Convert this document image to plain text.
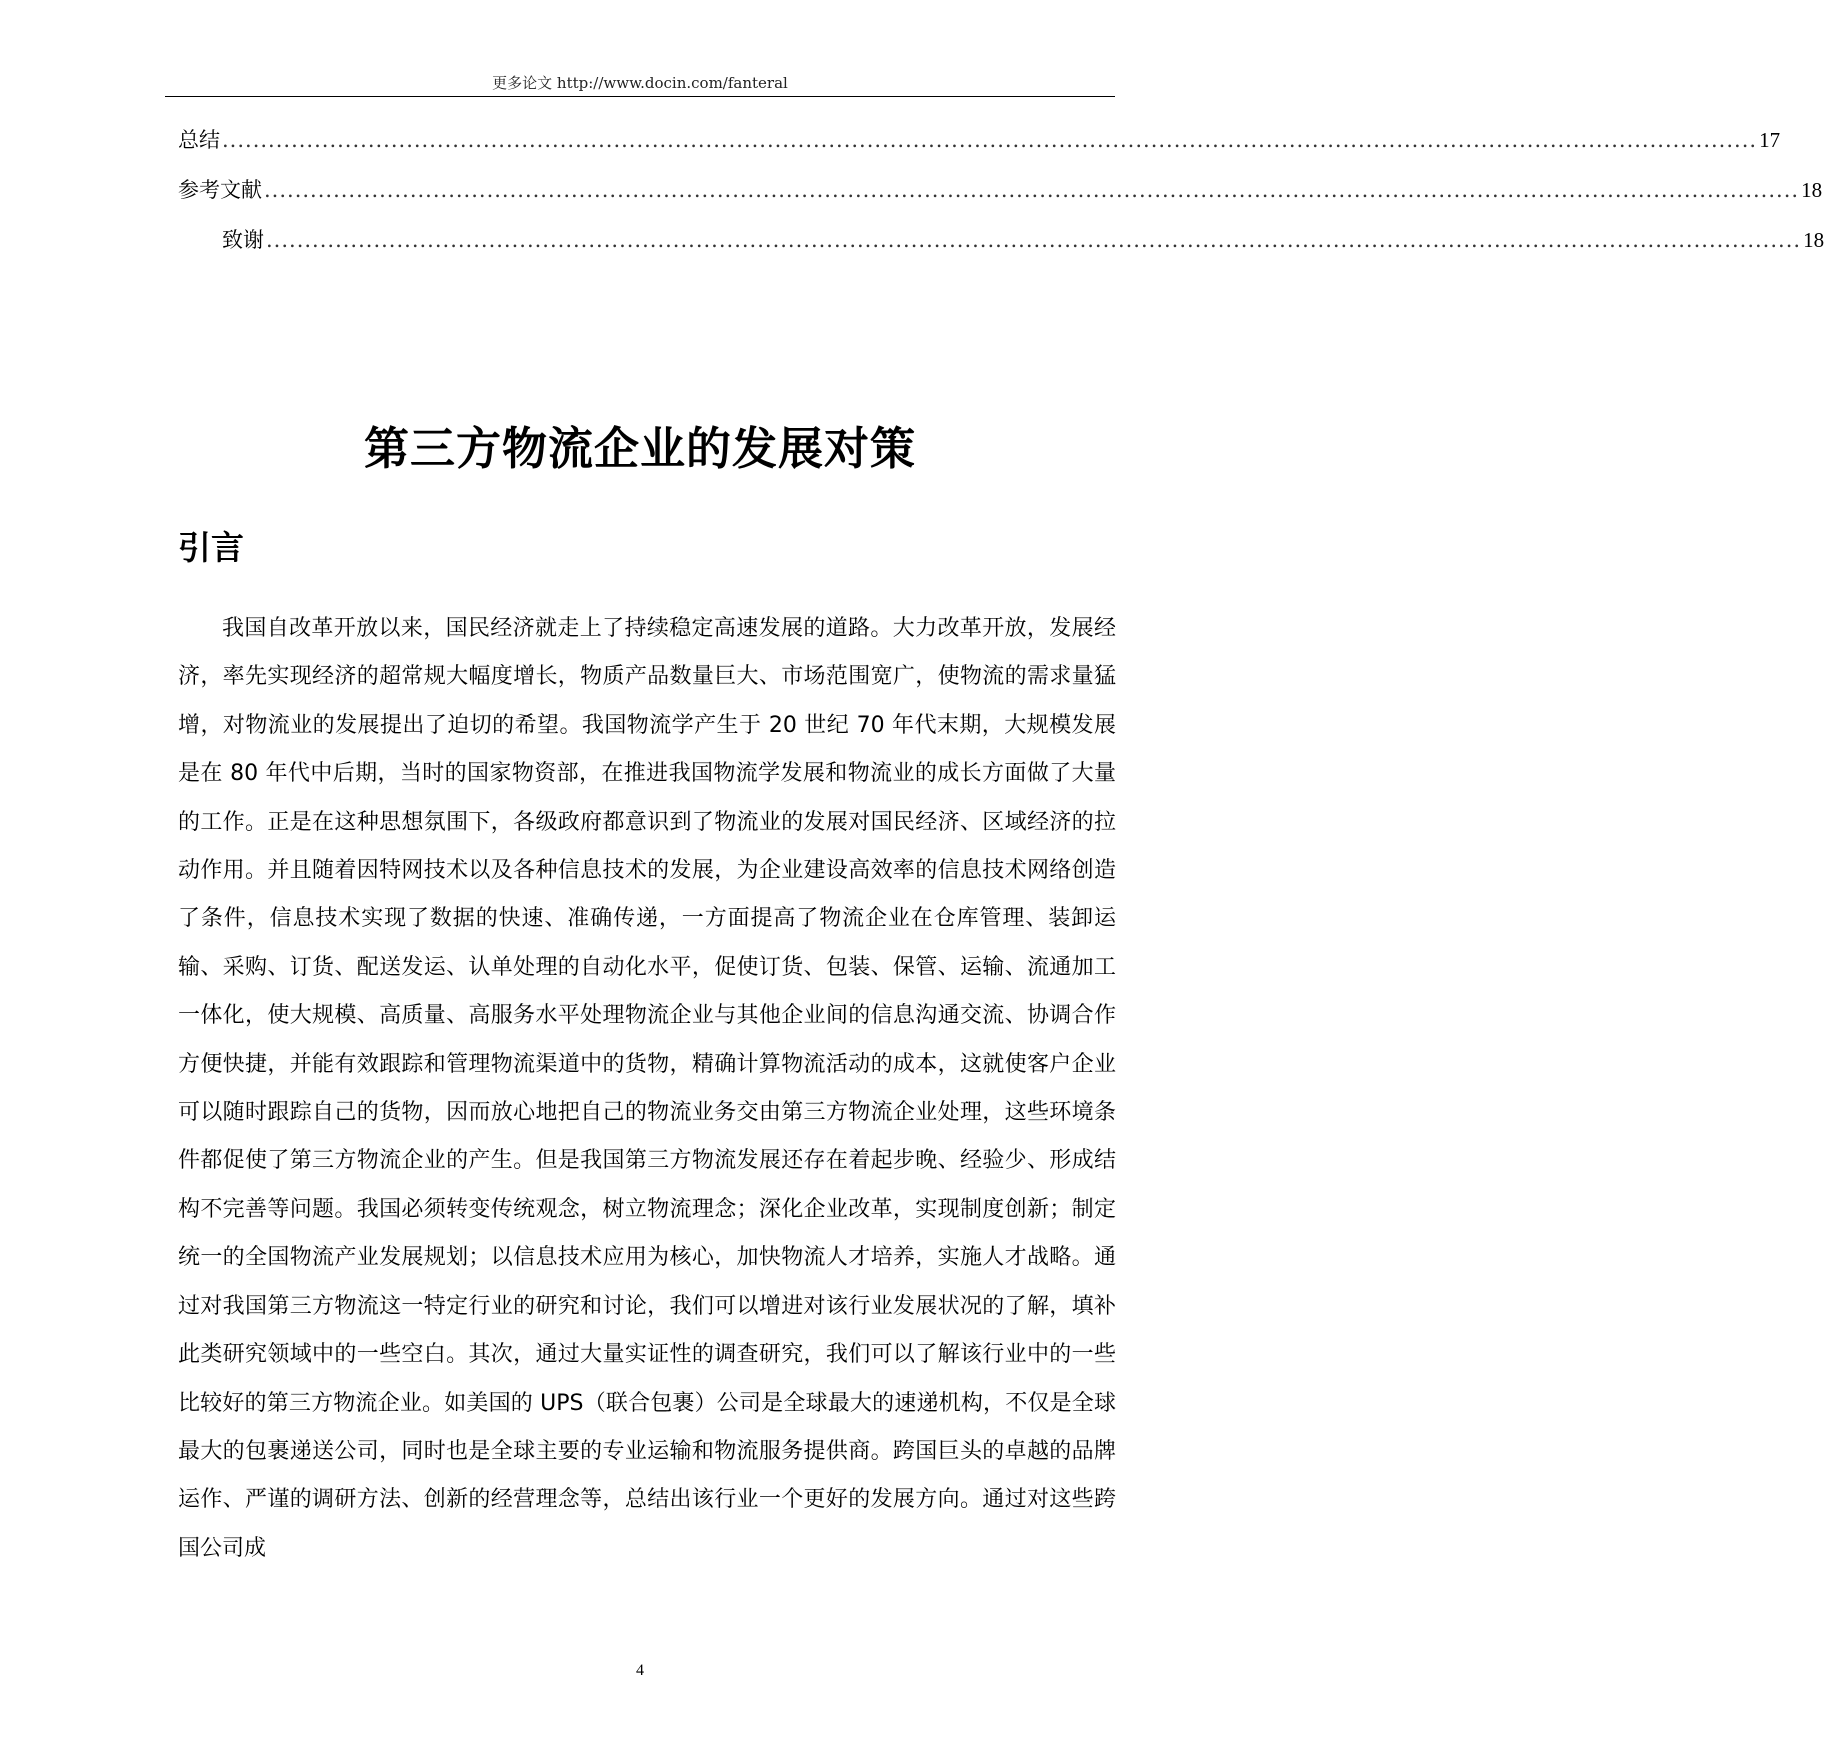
更多论文 http://www.docin.com/fanteral
总结 ........................................................................................................................................................................................................ 17
参考文献 ........................................................................................................................................................................................................ 18
致谢 ........................................................................................................................................................................................................ 18
第三方物流企业的发展对策
引言

我国自改革开放以来，国民经济就走上了持续稳定高速发展的道路。大力改革开放，发展经济，率先实现经济的超常规大幅度增长，物质产品数量巨大、市场范围宽广，使物流的需求量猛增，对物流业的发展提出了迫切的希望。我国物流学产生于 20 世纪 70 年代末期，大规模发展是在 80 年代中后期，当时的国家物资部，在推进我国物流学发展和物流业的成长方面做了大量的工作。正是在这种思想氛围下，各级政府都意识到了物流业的发展对国民经济、区域经济的拉动作用。并且随着因特网技术以及各种信息技术的发展，为企业建设高效率的信息技术网络创造了条件，信息技术实现了数据的快速、准确传递，一方面提高了物流企业在仓库管理、装卸运输、采购、订货、配送发运、认单处理的自动化水平，促使订货、包装、保管、运输、流通加工一体化，使大规模、高质量、高服务水平处理物流企业与其他企业间的信息沟通交流、协调合作方便快捷，并能有效跟踪和管理物流渠道中的货物，精确计算物流活动的成本，这就使客户企业可以随时跟踪自己的货物，因而放心地把自己的物流业务交由第三方物流企业处理，这些环境条件都促使了第三方物流企业的产生。但是我国第三方物流发展还存在着起步晚、经验少、形成结构不完善等问题。我国必须转变传统观念，树立物流理念；深化企业改革，实现制度创新；制定统一的全国物流产业发展规划；以信息技术应用为核心，加快物流人才培养，实施人才战略。通过对我国第三方物流这一特定行业的研究和讨论，我们可以增进对该行业发展状况的了解，填补此类研究领域中的一些空白。其次，通过大量实证性的调查研究，我们可以了解该行业中的一些比较好的第三方物流企业。如美国的 UPS（联合包裹）公司是全球最大的速递机构，不仅是全球最大的包裹递送公司，同时也是全球主要的专业运输和物流服务提供商。跨国巨头的卓越的品牌运作、严谨的调研方法、创新的经营理念等，总结出该行业一个更好的发展方向。通过对这些跨国公司成

4
